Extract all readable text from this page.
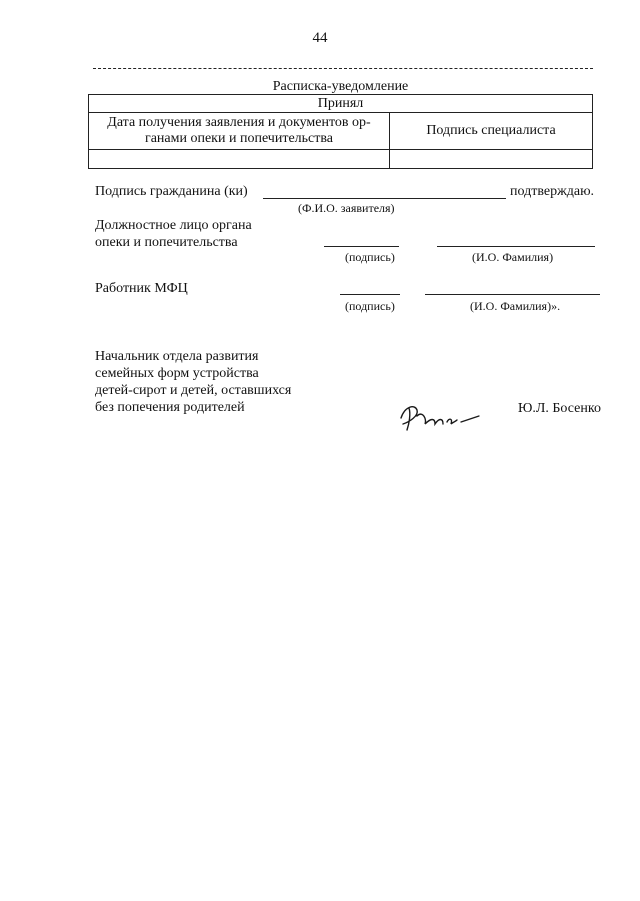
44
Расписка-уведомление
Принял	
Дата получения заявления и документов ор-ганами опеки и попечительства	Подпись специалиста

Подпись гражданина (ки)	подтверждаю.
(Ф.И.О. заявителя)
Должностное лицо органа
опеки и попечительства
(подпись)	(И.О. Фамилия)
Работник МФЦ
(подпись)	(И.О. Фамилия)».
Начальник отдела развития
семейных форм устройства
детей-сирот и детей, оставшихся
без попечения родителей	Ю.Л. Босенко
